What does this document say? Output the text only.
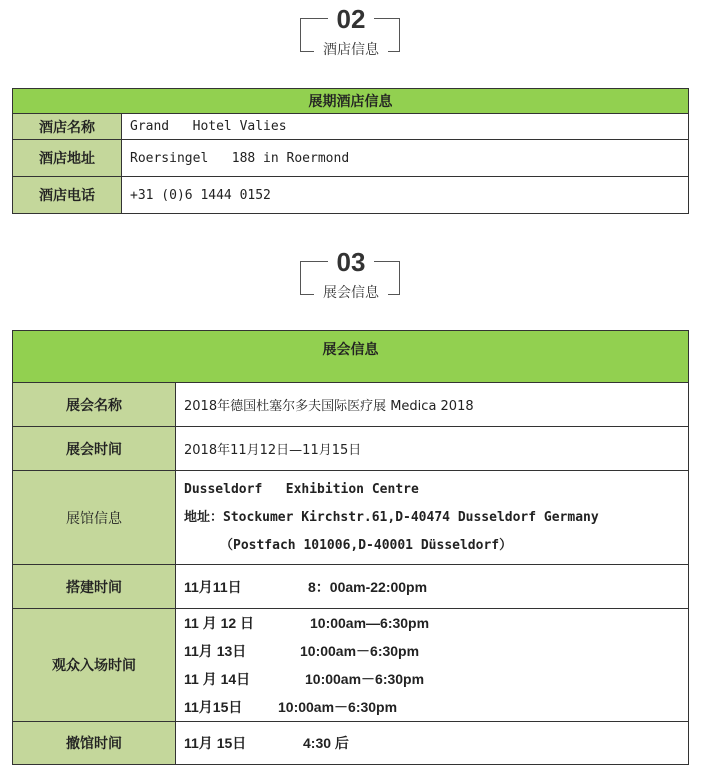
02
酒店信息
展期酒店信息	
酒店名称	Grand   Hotel Valies
酒店地址	Roersingel   188 in Roermond
酒店电话	+31 (0)6 1444 0152
03
展会信息
展会信息	
展会名称	2018年德国杜塞尔多夫国际医疗展 Medica 2018
展会时间	2018年11月12日—11月15日
展馆信息	Dusseldorf   Exhibition Centre
地址：Stockumer Kirchstr.61,D-40474 Dusseldorf Germany
（Postfach 101006,D-40001 Düsseldorf）

搭建时间	11月11日 8：00am-22:00pm
观众入场时间	11 月 12 日 10:00am—6:30pm
11月 13日 10:00am－6:30pm
11 月 14日 10:00am－6:30pm
11月15日 10:00am－6:30pm

撤馆时间	11月 15日 4:30 后
